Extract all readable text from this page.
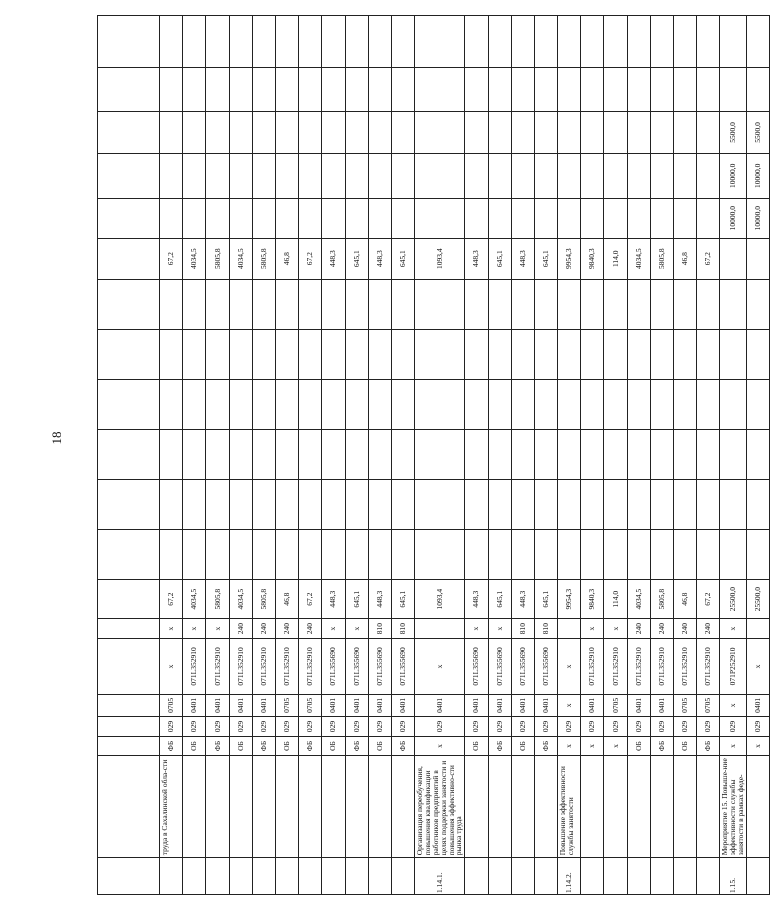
18

	труда в Сахалинской обла-сти	ФБ	029	0705	х	х	67,2							67,2					
		ОБ	029	0401	071L352910	х	4034,5							4034,5					
		ФБ	029	0401	071L352910	х	5805,8							5805,8					
		ОБ	029	0401	071L352910	240	4034,5							4034,5					
		ФБ	029	0401	071L352910	240	5805,8							5805,8					
		ОБ	029	0705	071L352910	240	46,8							46,8					
		ФБ	029	0705	071L352910	240	67,2							67,2					
		ОБ	029	0401	071L355690	х	448,3							448,3					
		ФБ	029	0401	071L355690	х	645,1							645,1					
		ОБ	029	0401	071L355690	810	448,3							448,3					
		ФБ	029	0401	071L355690	810	645,1							645,1					
1.14.1.	Организация переобучения, повышения квалификации работников предприятий в целях поддержки занятости и повышения эффективно-сти рынка труда	х	029	0401	х		1093,4							1093,4					
		ОБ	029	0401	071L355690	х	448,3							448,3					
		ФБ	029	0401	071L355690	х	645,1							645,1					
		ОБ	029	0401	071L355690	810	448,3							448,3					
		ФБ	029	0401	071L355690	810	645,1							645,1					
1.14.2.	Повышение эффективности службы занятости	х	029	х	х		9954,3							9954,3					
		х	029	0401	071L352910	х	9840,3							9840,3					
		х	029	0705	071L352910	х	114,0							114,0					
		ОБ	029	0401	071L352910	240	4034,5							4034,5					
		ФБ	029	0401	071L352910	240	5805,8							5805,8					
		ОБ	029	0705	071L352910	240	46,8							46,8					
		ФБ	029	0705	071L352910	240	67,2							67,2					
1.15.	Мероприятие 15. Повыше-ние эффективности службы занятости в рамках феде-	х	029	х	071P252910	х	25500,0								10000,0	10000,0	5500,0		
		х	029	0401	х		25500,0								10000,0	10000,0	5500,0		
